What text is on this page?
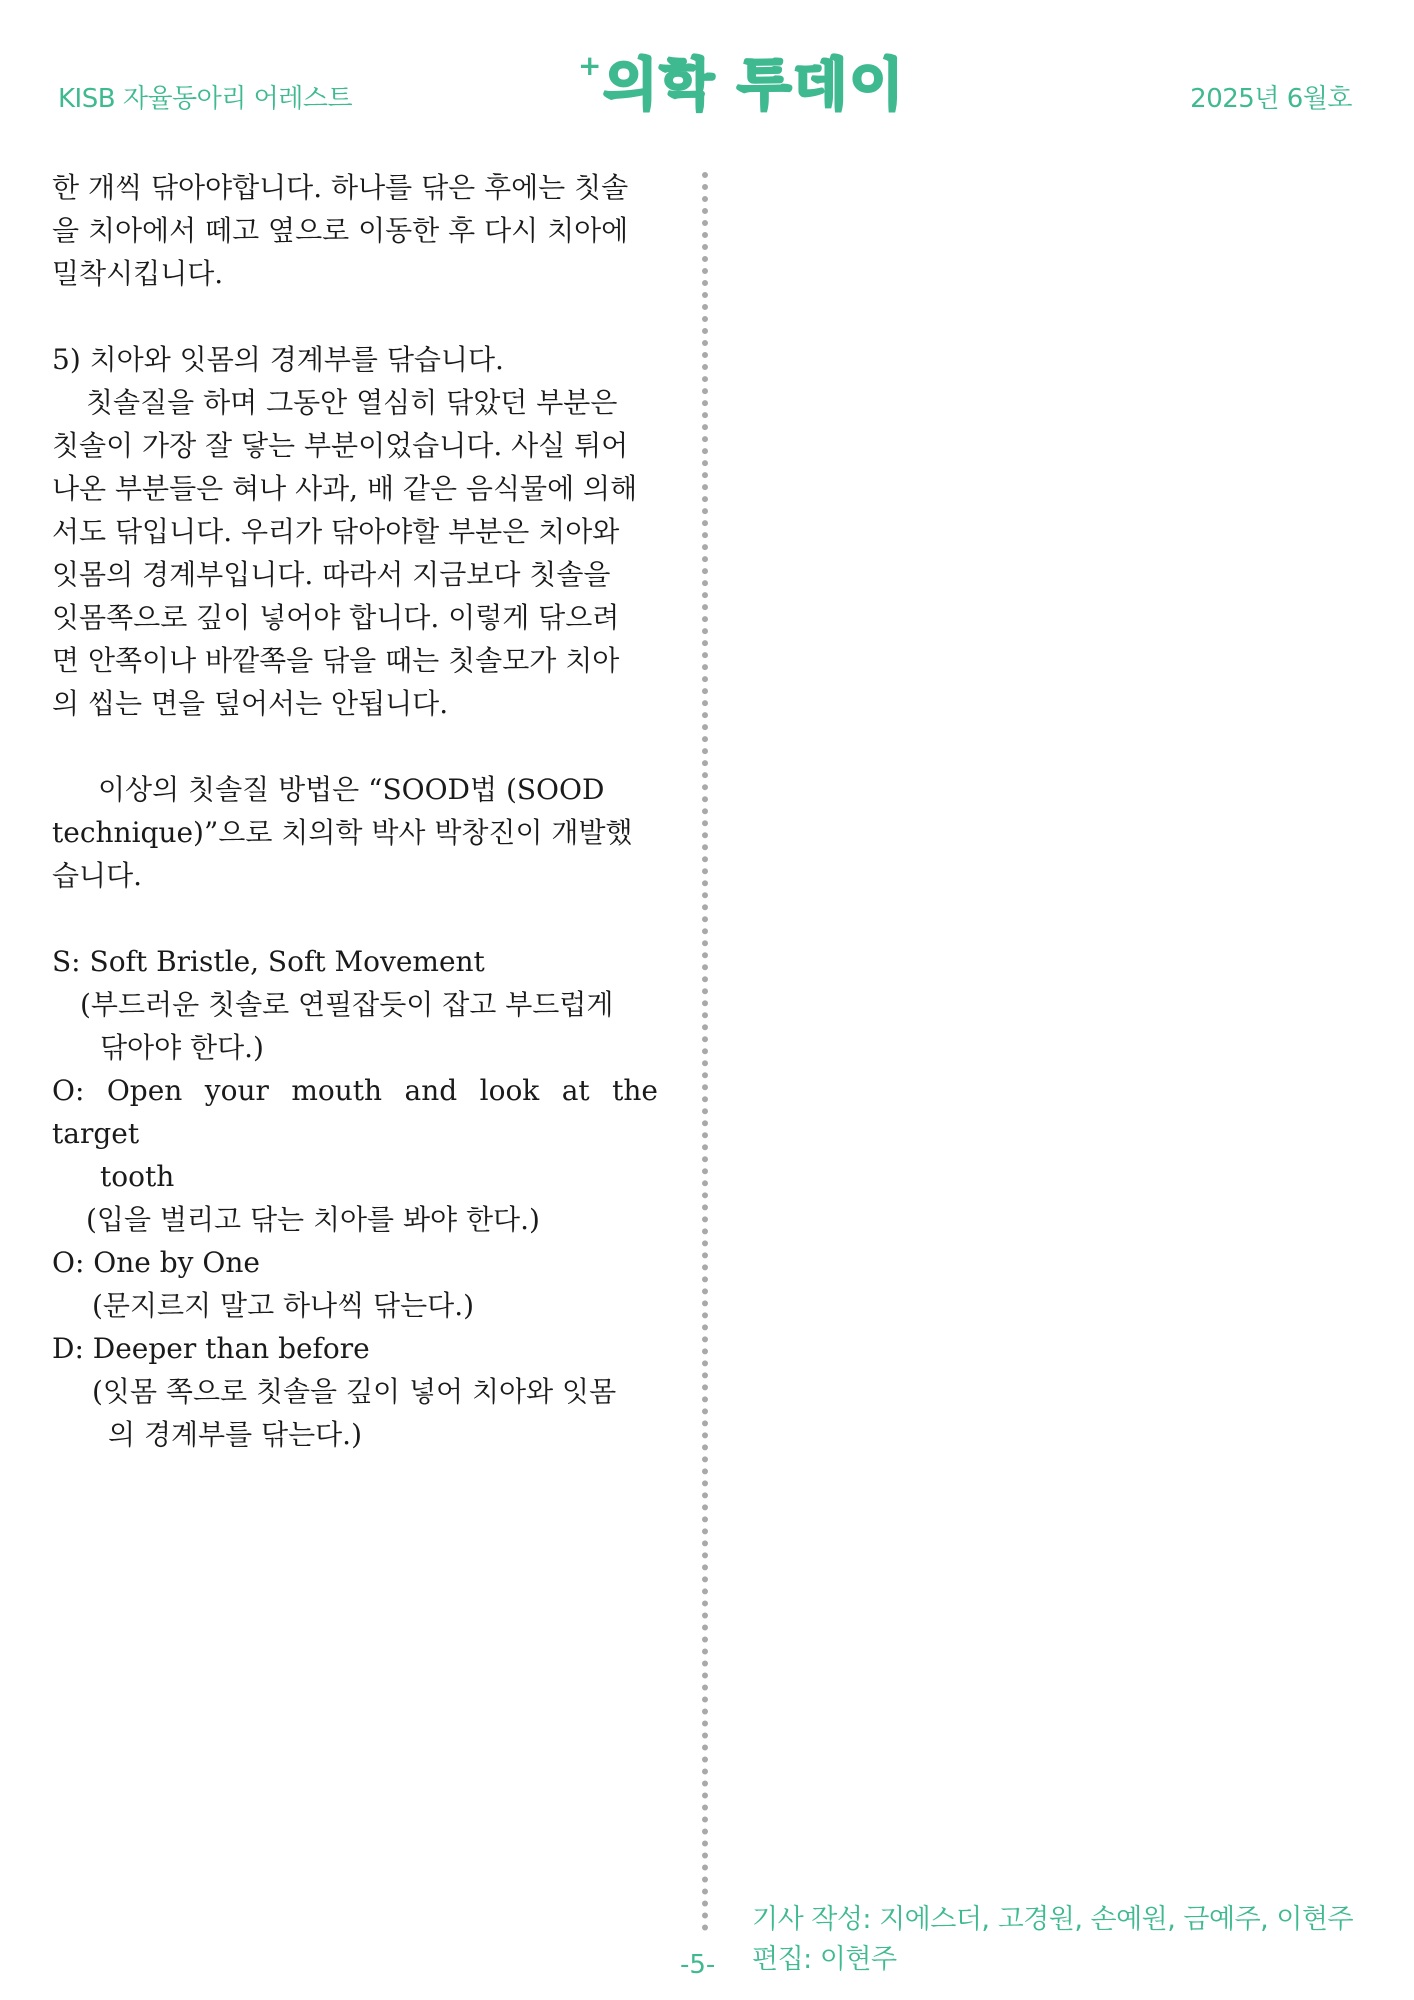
KISB 자율동아리 어레스트
+ 의학 투데이	2025년 6월호

한 개씩 닦아야합니다. 하나를 닦은 후에는 칫솔

을 치아에서 떼고 옆으로 이동한 후 다시 치아에

밀착시킵니다.

5) 치아와 잇몸의 경계부를 닦습니다.

칫솔질을 하며 그동안 열심히 닦았던 부분은

칫솔이 가장 잘 닿는 부분이었습니다. 사실 튀어

나온 부분들은 혀나 사과, 배 같은 음식물에 의해

서도 닦입니다. 우리가 닦아야할 부분은 치아와

잇몸의 경계부입니다. 따라서 지금보다 칫솔을

잇몸쪽으로 깊이 넣어야 합니다. 이렇게 닦으려

면 안쪽이나 바깥쪽을 닦을 때는 칫솔모가 치아

의 씹는 면을 덮어서는 안됩니다.

이상의 칫솔질 방법은 “SOOD법 (SOOD

technique)”으로 치의학 박사 박창진이 개발했

습니다.

S: Soft Bristle, Soft Movement

(부드러운 칫솔로 연필잡듯이 잡고 부드럽게

닦아야 한다.)

O: Open your mouth and look at the target

tooth

(입을 벌리고 닦는 치아를 봐야 한다.)

O: One by One

(문지르지 말고 하나씩 닦는다.)

D: Deeper than before

(잇몸 쪽으로 칫솔을 깊이 넣어 치아와 잇몸

의 경계부를 닦는다.)

기사 작성: 지에스더, 고경원, 손예원, 금예주, 이현주
편집: 이현주
-5-
